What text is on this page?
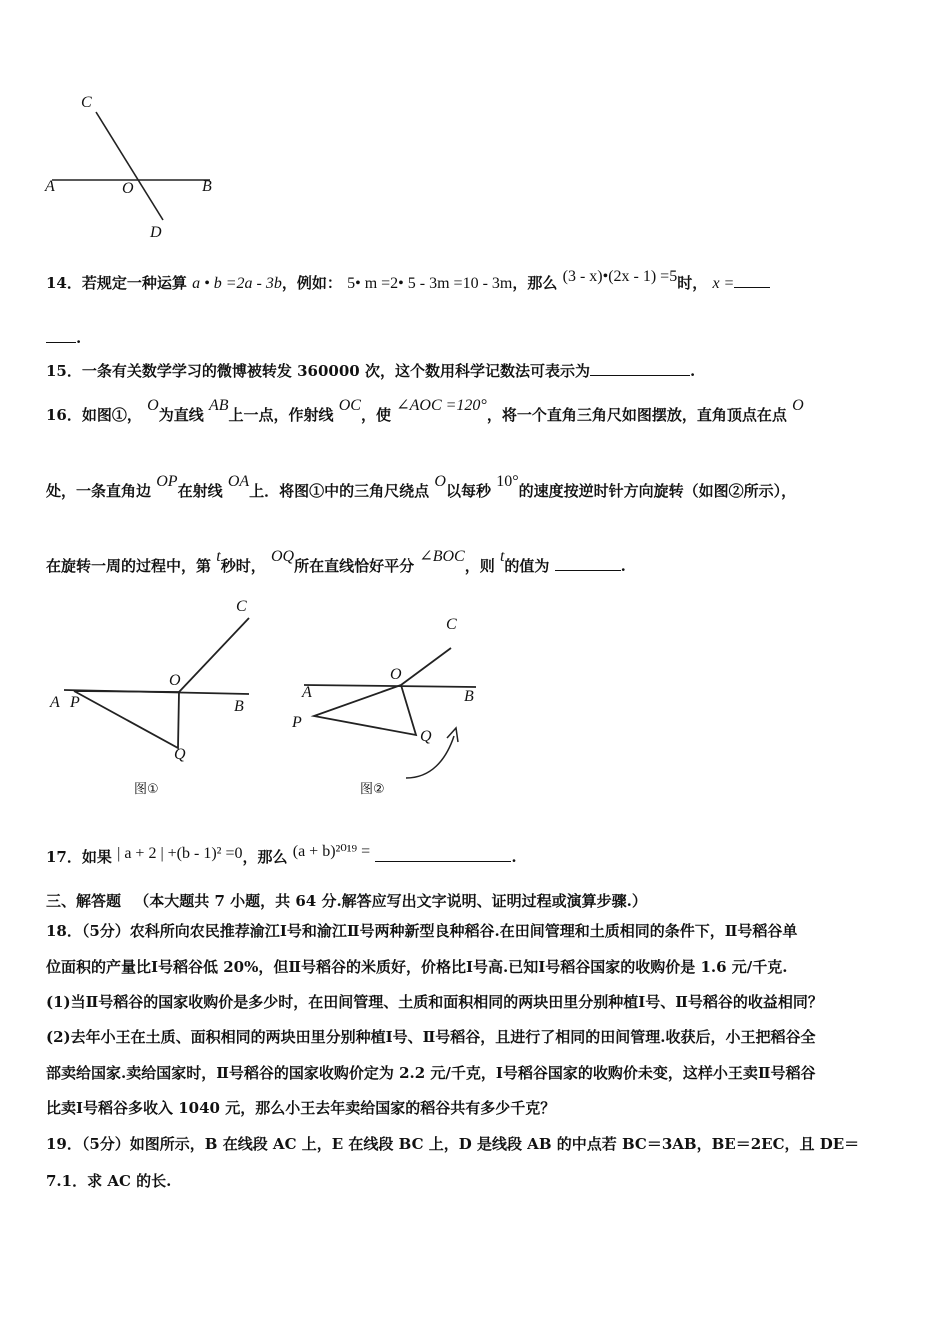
C
A	O	B
D
14．若规定一种运算 a • b =2a - 3b，例如： 5• m =2• 5 - 3m =10 - 3m，那么 (3 - x)•(2x - 1) =5时， x =
.
15．一条有关数学学习的微博被转发 360000 次，这个数用科学记数法可表示为	.
16．如图①， O为直线 AB上一点，作射线 OC，使 ∠AOC =120°，将一个直角三角尺如图摆放，直角顶点在点 O
处，一条直角边 OP在射线 OA上．将图①中的三角尺绕点 O以每秒 10°的速度按逆时针方向旋转（如图②所示），
在旋转一周的过程中，第 t秒时， OQ所在直线恰好平分 ∠BOC，则 t的值为	.
C
O
A P	B
Q
图①
C
O
A	B
P
Q
图②
17．如果 | a + 2 | +(b - 1)² =0，那么 (a + b)²⁰¹⁹ =	.
三、解答题 （本大题共 7 小题，共 64 分.解答应写出文字说明、证明过程或演算步骤.）
18．（5分）农科所向农民推荐渝江Ⅰ号和渝江Ⅱ号两种新型良种稻谷.在田间管理和土质相同的条件下，Ⅱ号稻谷单
位面积的产量比Ⅰ号稻谷低 20%，但Ⅱ号稻谷的米质好，价格比Ⅰ号高.已知Ⅰ号稻谷国家的收购价是 1.6 元/千克.
(1)当Ⅱ号稻谷的国家收购价是多少时，在田间管理、土质和面积相同的两块田里分别种植Ⅰ号、Ⅱ号稻谷的收益相同？
(2)去年小王在土质、面积相同的两块田里分别种植Ⅰ号、Ⅱ号稻谷，且进行了相同的田间管理.收获后，小王把稻谷全
部卖给国家.卖给国家时，Ⅱ号稻谷的国家收购价定为 2.2 元/千克，Ⅰ号稻谷国家的收购价未变，这样小王卖Ⅱ号稻谷
比卖Ⅰ号稻谷多收入 1040 元，那么小王去年卖给国家的稻谷共有多少千克？
19．（5分）如图所示，B 在线段 AC 上，E 在线段 BC 上，D 是线段 AB 的中点若 BC＝3AB，BE＝2EC，且 DE＝
7.1．求 AC 的长.
